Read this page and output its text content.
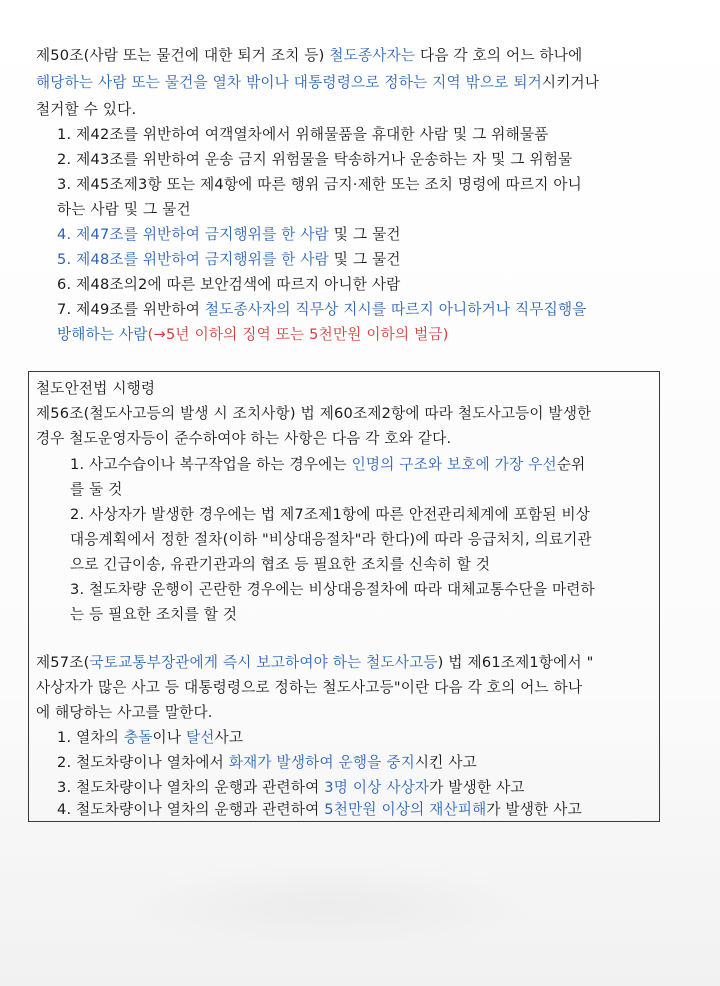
제50조(사람 또는 물건에 대한 퇴거 조치 등) 철도종사자는 다음 각 호의 어느 하나에
해당하는 사람 또는 물건을 열차 밖이나 대통령령으로 정하는 지역 밖으로 퇴거시키거나
철거할 수 있다.
1. 제42조를 위반하여 여객열차에서 위해물품을 휴대한 사람 및 그 위해물품
2. 제43조를 위반하여 운송 금지 위험물을 탁송하거나 운송하는 자 및 그 위험물
3. 제45조제3항 또는 제4항에 따른 행위 금지·제한 또는 조치 명령에 따르지 아니
하는 사람 및 그 물건
4. 제47조를 위반하여 금지행위를 한 사람 및 그 물건
5. 제48조를 위반하여 금지행위를 한 사람 및 그 물건
6. 제48조의2에 따른 보안검색에 따르지 아니한 사람
7. 제49조를 위반하여 철도종사자의 직무상 지시를 따르지 아니하거나 직무집행을
방해하는 사람(→5년 이하의 징역 또는 5천만원 이하의 벌금)
철도안전법 시행령
제56조(철도사고등의 발생 시 조치사항) 법 제60조제2항에 따라 철도사고등이 발생한
경우 철도운영자등이 준수하여야 하는 사항은 다음 각 호와 같다.
1. 사고수습이나 복구작업을 하는 경우에는 인명의 구조와 보호에 가장 우선순위
를 둘 것
2. 사상자가 발생한 경우에는 법 제7조제1항에 따른 안전관리체계에 포함된 비상
대응계획에서 정한 절차(이하 "비상대응절차"라 한다)에 따라 응급처치, 의료기관
으로 긴급이송, 유관기관과의 협조 등 필요한 조치를 신속히 할 것
3. 철도차량 운행이 곤란한 경우에는 비상대응절차에 따라 대체교통수단을 마련하
는 등 필요한 조치를 할 것
제57조(국토교통부장관에게 즉시 보고하여야 하는 철도사고등) 법 제61조제1항에서 "
사상자가 많은 사고 등 대통령령으로 정하는 철도사고등"이란 다음 각 호의 어느 하나
에 해당하는 사고를 말한다.
1. 열차의 충돌이나 탈선사고
2. 철도차량이나 열차에서 화재가 발생하여 운행을 중지시킨 사고
3. 철도차량이나 열차의 운행과 관련하여 3명 이상 사상자가 발생한 사고
4. 철도차량이나 열차의 운행과 관련하여 5천만원 이상의 재산피해가 발생한 사고
